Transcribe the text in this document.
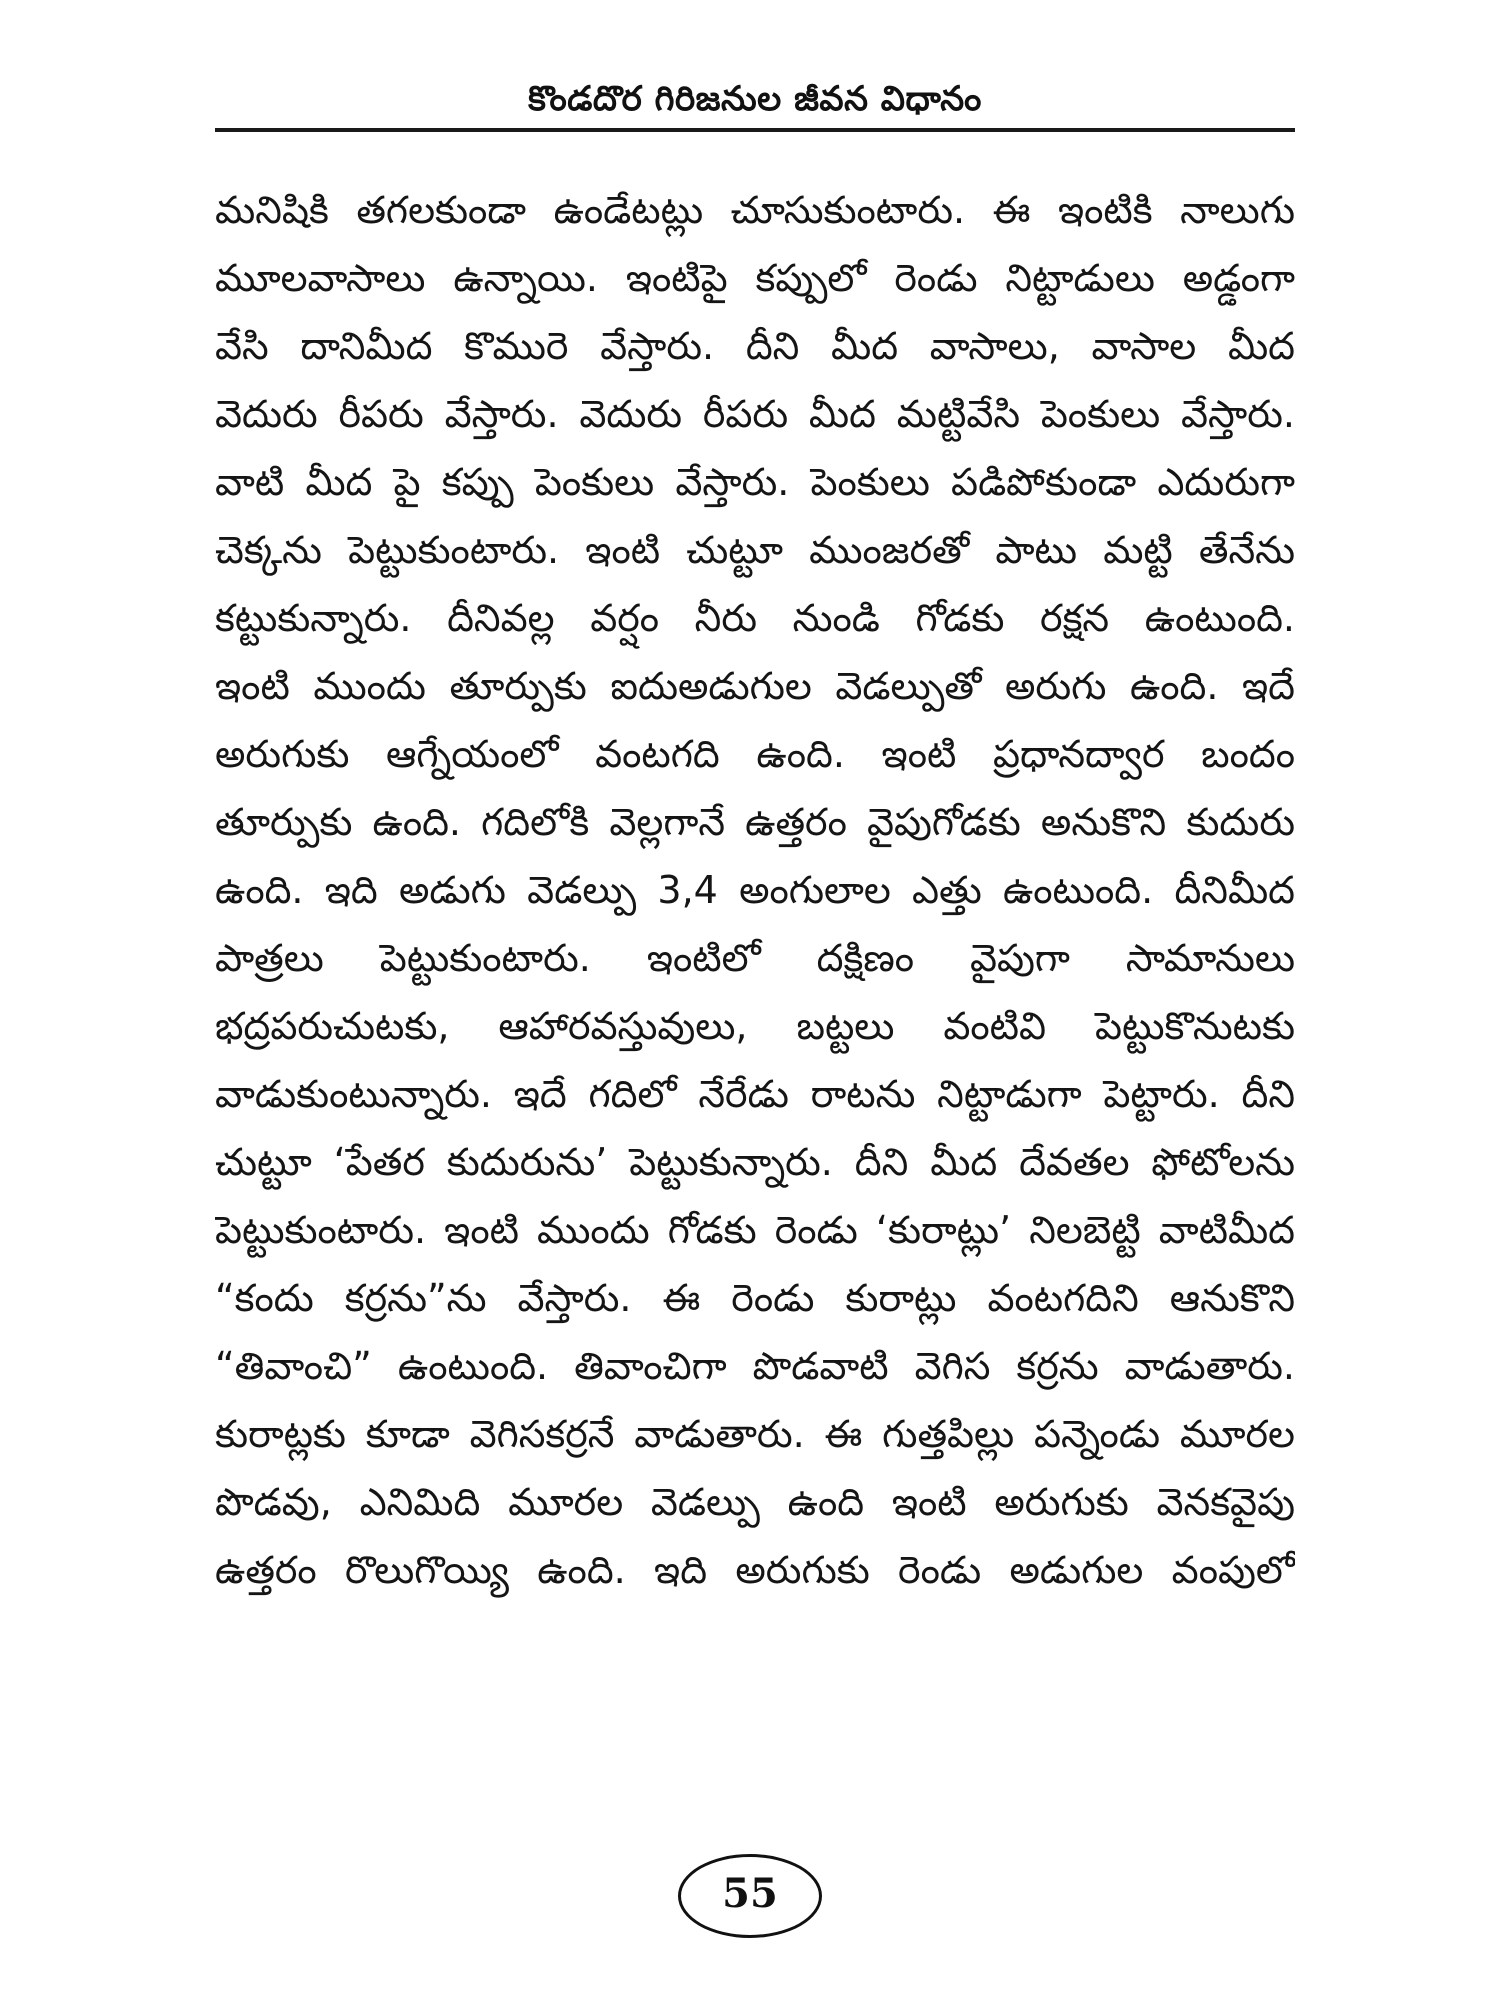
కొండదొర గిరిజనుల జీవన విధానం
మనిషికి తగలకుండా ఉండేటట్లు చూసుకుంటారు. ఈ ఇంటికి నాలుగు
మూలవాసాలు ఉన్నాయి. ఇంటిపై కప్పులో రెండు నిట్టాడులు అడ్డంగా
వేసి దానిమీద కొమురె వేస్తారు. దీని మీద వాసాలు, వాసాల మీద
వెదురు రీపరు వేస్తారు. వెదురు రీపరు మీద మట్టివేసి పెంకులు వేస్తారు.
వాటి మీద పై కప్పు పెంకులు వేస్తారు. పెంకులు పడిపోకుండా ఎదురుగా
చెక్కను పెట్టుకుంటారు. ఇంటి చుట్టూ ముంజరతో పాటు మట్టి తేనేను
కట్టుకున్నారు. దీనివల్ల వర్షం నీరు నుండి గోడకు రక్షన ఉంటుంది.
ఇంటి ముందు తూర్పుకు ఐదుఅడుగుల వెడల్పుతో అరుగు ఉంది. ఇదే
అరుగుకు ఆగ్నేయంలో వంటగది ఉంది. ఇంటి ప్రధానద్వార బందం
తూర్పుకు ఉంది. గదిలోకి వెల్లగానే ఉత్తరం వైపుగోడకు అనుకొని కుదురు
ఉంది. ఇది అడుగు వెడల్పు 3,4 అంగులాల ఎత్తు ఉంటుంది. దీనిమీద
పాత్రలు పెట్టుకుంటారు. ఇంటిలో దక్షిణం వైపుగా సామానులు
భద్రపరుచుటకు, ఆహారవస్తువులు, బట్టలు వంటివి పెట్టుకొనుటకు
వాడుకుంటున్నారు. ఇదే గదిలో నేరేడు రాటను నిట్టాడుగా పెట్టారు. దీని
చుట్టూ ‘పేతర కుదురును’ పెట్టుకున్నారు. దీని మీద దేవతల ఫోటోలను
పెట్టుకుంటారు. ఇంటి ముందు గోడకు రెండు ‘కురాట్లు’ నిలబెట్టి వాటిమీద
“కందు కర్రను”ను వేస్తారు. ఈ రెండు కురాట్లు వంటగదిని ఆనుకొని
“తివాంచి” ఉంటుంది. తివాంచిగా పొడవాటి వెగిస కర్రను వాడుతారు.
కురాట్లకు కూడా వెగిసకర్రనే వాడుతారు. ఈ గుత్తపిల్లు పన్నెండు మూరల
పొడవు, ఎనిమిది మూరల వెడల్పు ఉంది ఇంటి అరుగుకు వెనకవైపు
ఉత్తరం రొలుగొయ్యి ఉంది. ఇది అరుగుకు రెండు అడుగుల వంపులో
55
